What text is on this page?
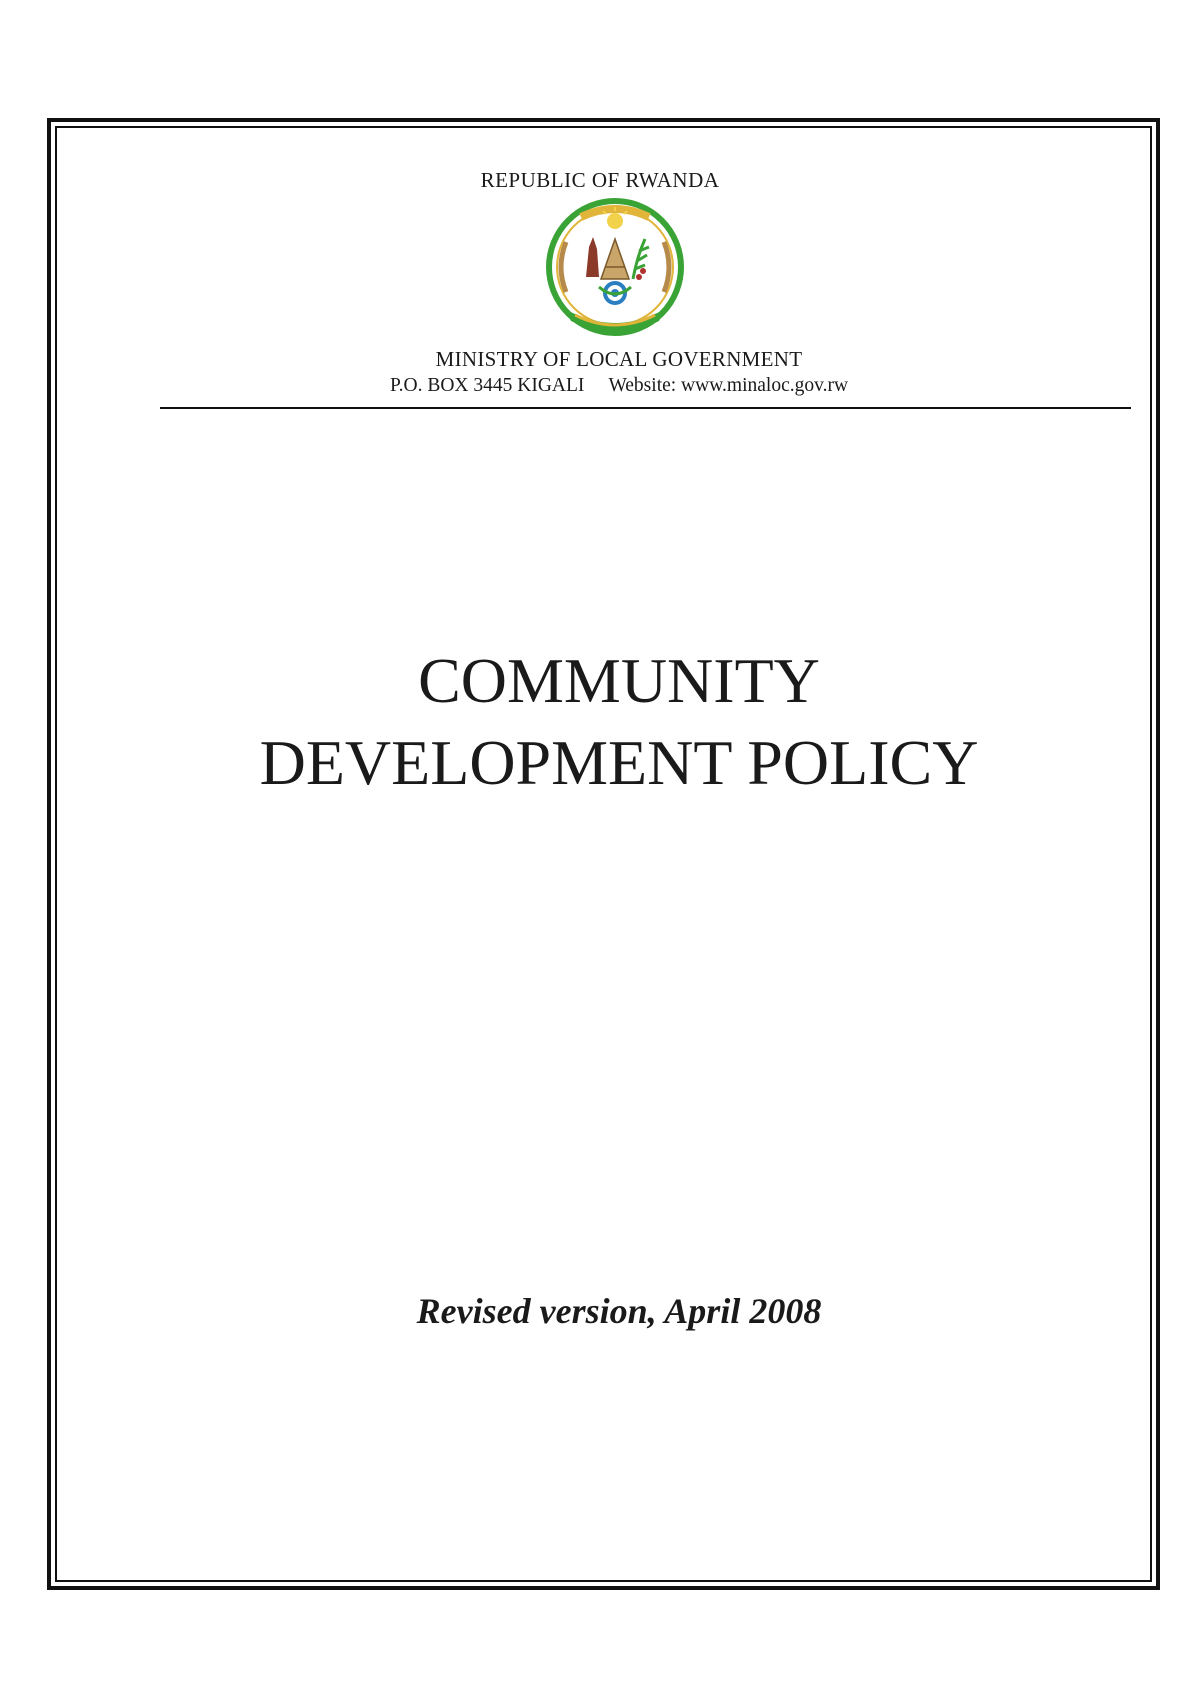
REPUBLIC OF RWANDA
MINISTRY OF LOCAL GOVERNMENT
P.O. BOX 3445 KIGALI Website: www.minaloc.gov.rw
COMMUNITY
DEVELOPMENT POLICY
Revised version, April 2008
